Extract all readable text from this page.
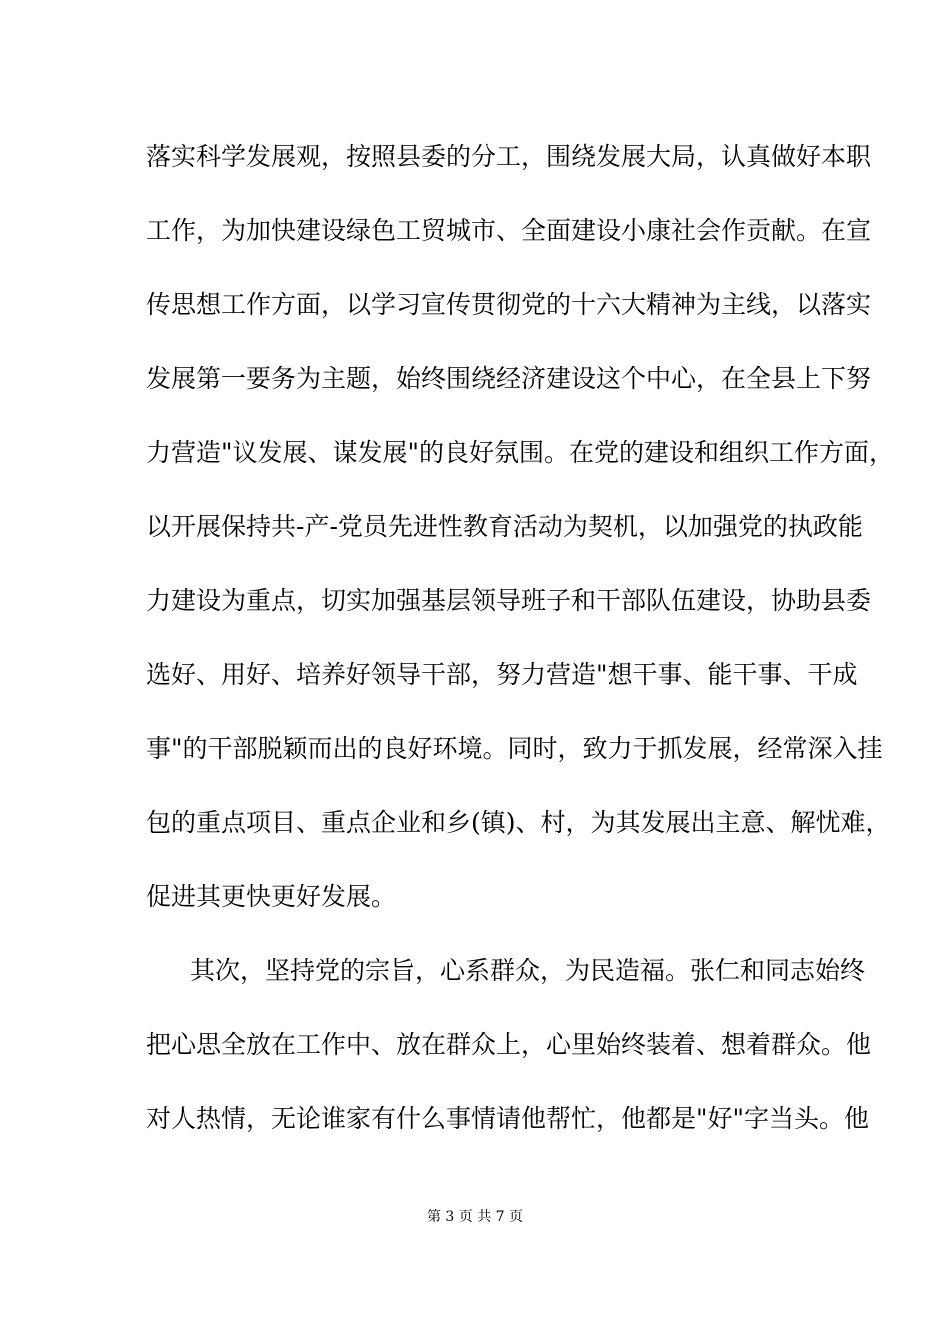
落实科学发展观，按照县委的分工，围绕发展大局，认真做好本职
工作，为加快建设绿色工贸城市、全面建设小康社会作贡献。在宣
传思想工作方面，以学习宣传贯彻党的十六大精神为主线，以落实
发展第一要务为主题，始终围绕经济建设这个中心，在全县上下努
力营造"议发展、谋发展"的良好氛围。在党的建设和组织工作方面，
以开展保持共-产-党员先进性教育活动为契机，以加强党的执政能
力建设为重点，切实加强基层领导班子和干部队伍建设，协助县委
选好、用好、培养好领导干部，努力营造"想干事、能干事、干成
事"的干部脱颖而出的良好环境。同时，致力于抓发展，经常深入挂
包的重点项目、重点企业和乡(镇)、村，为其发展出主意、解忧难，
促进其更快更好发展。
其次，坚持党的宗旨，心系群众，为民造福。张仁和同志始终
把心思全放在工作中、放在群众上，心里始终装着、想着群众。他
对人热情，无论谁家有什么事情请他帮忙，他都是"好"字当头。他
第 3 页 共 7 页
